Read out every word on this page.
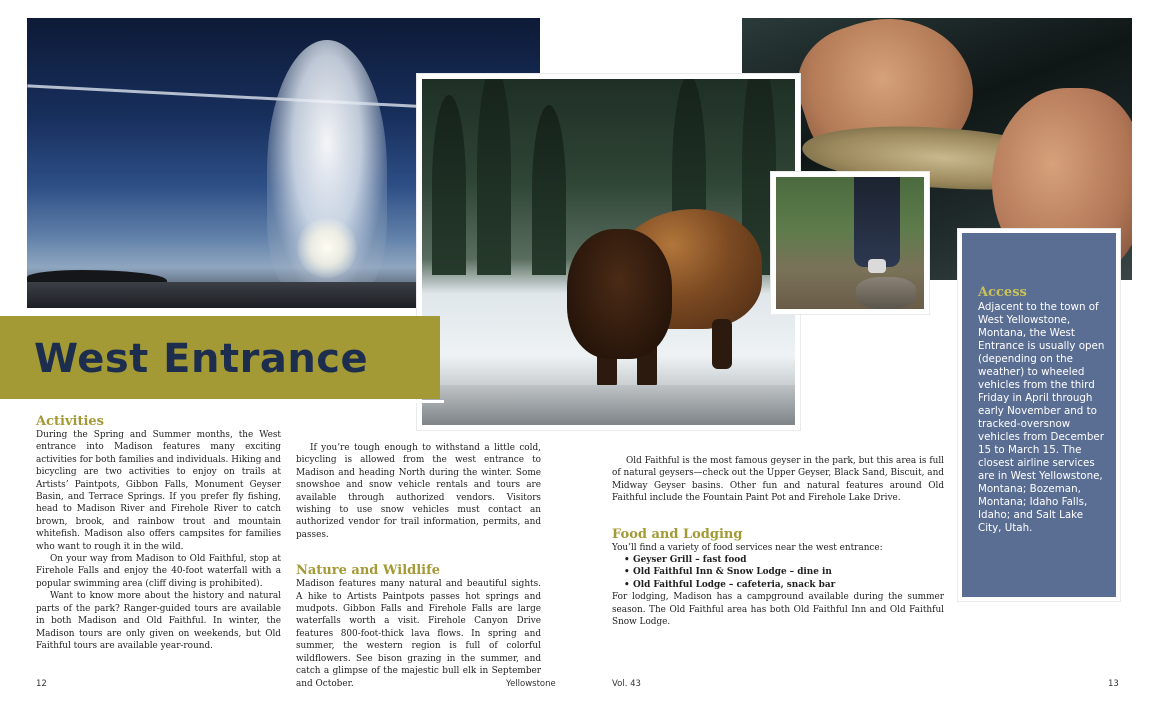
West Entrance
Access

Adjacent to the town of West Yellowstone, Montana, the West Entrance is usually open (depending on the weather) to wheeled vehicles from the third Friday in April through early November and to tracked-oversnow vehicles from December 15 to March 15. The closest airline services are in West Yellowstone, Montana; Bozeman, Montana; Idaho Falls, Idaho; and Salt Lake City, Utah.

Activities

During the Spring and Summer months, the West entrance into Madison features many exciting activities for both families and individuals. Hiking and bicycling are two activities to enjoy on trails at Artists’ Paintpots, Gibbon Falls, Monument Geyser Basin, and Terrace Springs. If you prefer fly fishing, head to Madison River and Firehole River to catch brown, brook, and rainbow trout and mountain whitefish. Madison also offers campsites for families who want to rough it in the wild.

On your way from Madison to Old Faithful, stop at Firehole Falls and enjoy the 40-foot waterfall with a popular swimming area (cliff diving is prohibited).

Want to know more about the history and natural parts of the park? Ranger-guided tours are available in both Madison and Old Faithful. In winter, the Madison tours are only given on weekends, but Old Faithful tours are available year-round.

If you’re tough enough to withstand a little cold, bicycling is allowed from the west entrance to Madison and heading North during the winter. Some snowshoe and snow vehicle rentals and tours are available through authorized vendors. Visitors wishing to use snow vehicles must contact an authorized vendor for trail information, permits, and passes.

Nature and Wildlife

Madison features many natural and beautiful sights. A hike to Artists Paintpots passes hot springs and mudpots. Gibbon Falls and Firehole Falls are large waterfalls worth a visit. Firehole Canyon Drive features 800-foot-thick lava flows. In spring and summer, the western region is full of colorful wildflowers. See bison grazing in the summer, and catch a glimpse of the majestic bull elk in September and October.

Old Faithful is the most famous geyser in the park, but this area is full of natural geysers—check out the Upper Geyser, Black Sand, Biscuit, and Midway Geyser basins. Other fun and natural features around Old Faithful include the Fountain Paint Pot and Firehole Lake Drive.

Food and Lodging

You’ll find a variety of food services near the west entrance:

• Geyser Grill – fast food
• Old Faithful Inn & Snow Lodge – dine in
• Old Faithful Lodge – cafeteria, snack bar

For lodging, Madison has a campground available during the summer season. The Old Faithful area has both Old Faithful Inn and Old Faithful Snow Lodge.

12	Yellowstone	Vol. 43	13
